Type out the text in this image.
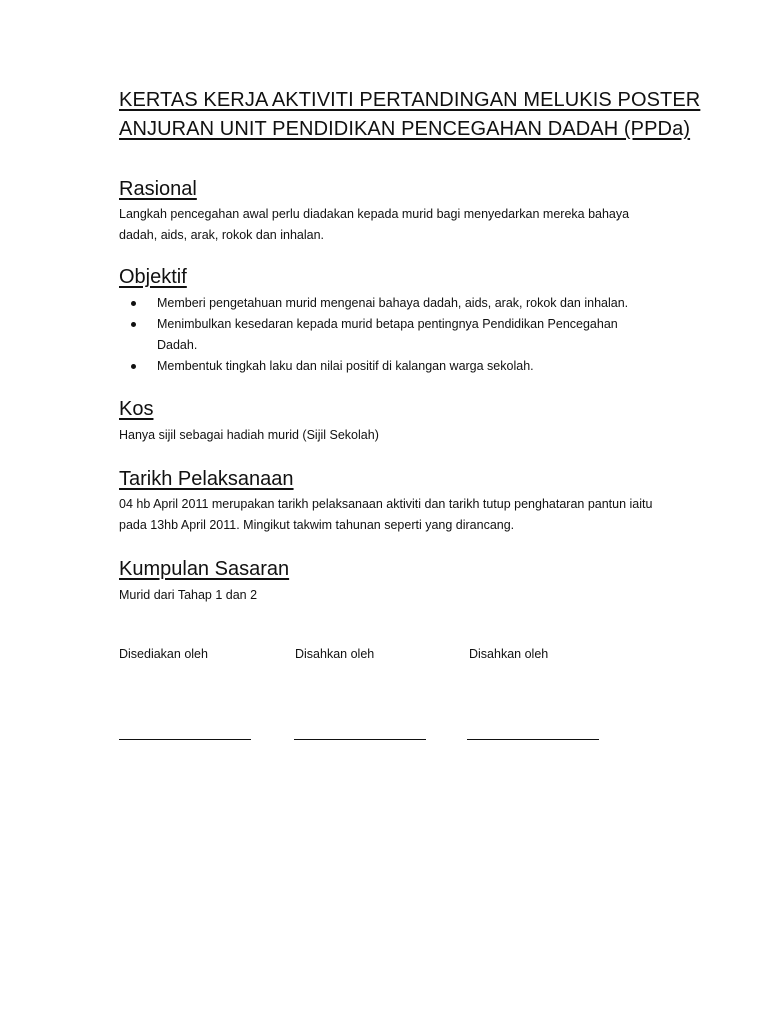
KERTAS KERJA AKTIVITI PERTANDINGAN MELUKIS POSTER
ANJURAN UNIT PENDIDIKAN PENCEGAHAN DADAH (PPDa)
Rasional

Langkah pencegahan awal perlu diadakan kepada murid bagi menyedarkan mereka bahaya dadah, aids, arak, rokok dan inhalan.

Objektif
Memberi pengetahuan murid mengenai bahaya dadah, aids, arak, rokok dan inhalan.
Menimbulkan kesedaran kepada murid betapa pentingnya Pendidikan Pencegahan Dadah.
Membentuk tingkah laku dan nilai positif di kalangan warga sekolah.
Kos

Hanya sijil sebagai hadiah murid (Sijil Sekolah)

Tarikh Pelaksanaan

04 hb April 2011 merupakan tarikh pelaksanaan aktiviti dan tarikh tutup penghataran pantun iaitu pada 13hb April 2011. Mingikut takwim tahunan seperti yang dirancang.

Kumpulan Sasaran

Murid dari Tahap 1 dan 2

Disediakan oleh	Disahkan oleh	Disahkan oleh
